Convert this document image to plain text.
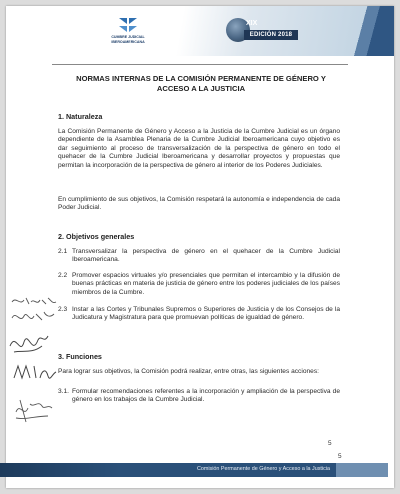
CUMBRE JUDICIAL
IBEROAMERICANA
XIX
EDICIÓN 2018
NORMAS INTERNAS DE LA COMISIÓN PERMANENTE DE GÉNERO Y
ACCESO A LA JUSTICIA
1. Naturaleza
La Comisión Permanente de Género y Acceso a la Justicia de la Cumbre Judicial es un órgano dependiente de la Asamblea Plenaria de la Cumbre Judicial Iberoamericana cuyo objetivo es dar seguimiento al proceso de transversalización de la perspectiva de género en todo el quehacer de la Cumbre Judicial Iberoamericana y desarrollar proyectos y propuestas que permitan la incorporación de la perspectiva de género al interior de los Poderes Judiciales.
En cumplimiento de sus objetivos, la Comisión respetará la autonomía e independencia de cada Poder Judicial.
2. Objetivos generales
2.1 Transversalizar la perspectiva de género en el quehacer de la Cumbre Judicial Iberoamericana.
2.2 Promover espacios virtuales y/o presenciales que permitan el intercambio y la difusión de buenas prácticas en materia de justicia de género entre los poderes judiciales de los países miembros de la Cumbre.
2.3 Instar a las Cortes y Tribunales Supremos o Superiores de Justicia y de los Consejos de la Judicatura y Magistratura para que promuevan políticas de igualdad de género.
3. Funciones
Para lograr sus objetivos, la Comisión podrá realizar, entre otras, las siguientes acciones:
3.1. Formular recomendaciones referentes a la incorporación y ampliación de la perspectiva de género en los trabajos de la Cumbre Judicial.
5
5
Comisión Permanente de Género y Acceso a la Justicia
